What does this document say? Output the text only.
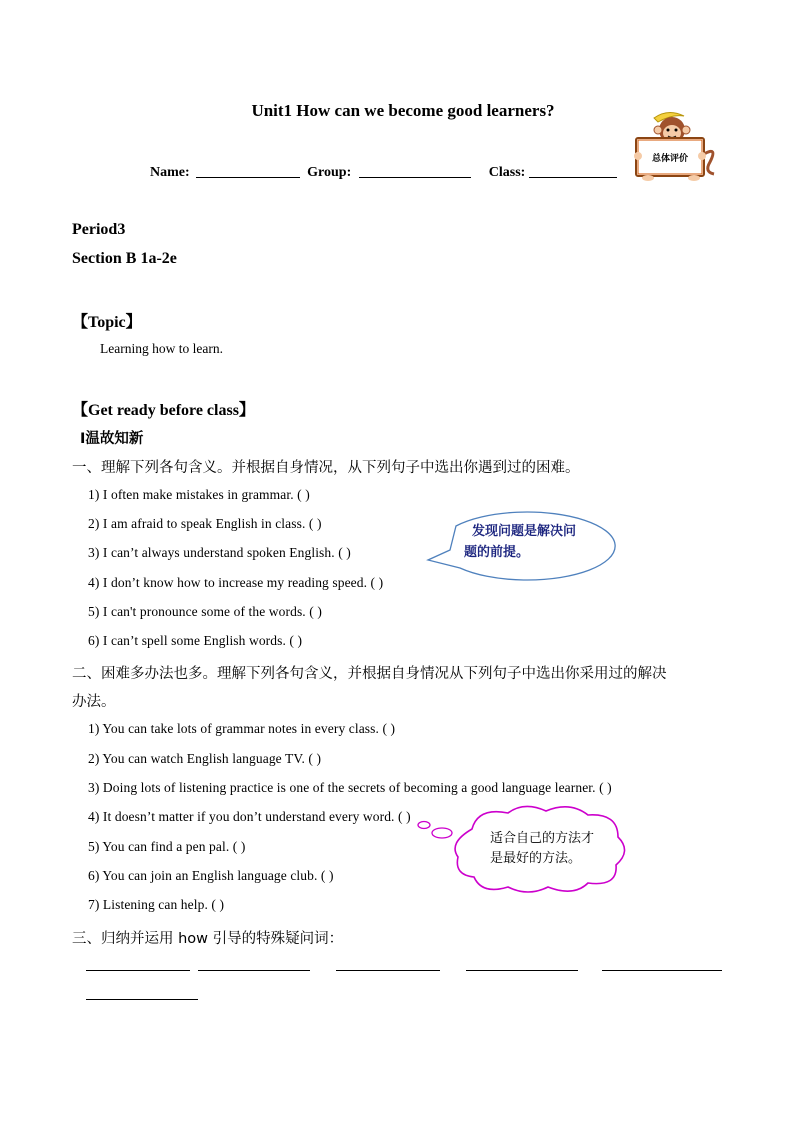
Unit1 How can we become good learners?
Name:	Group:	Class:
总体评价
Period3
Section B 1a-2e
【Topic】
Learning how to learn.
【Get ready before class】
Ⅰ温故知新
一、理解下列各句含义。并根据自身情况，从下列句子中选出你遇到过的困难。
1) I often make mistakes in grammar. ( )
2) I am afraid to speak English in class. ( )
3) I can’t always understand spoken English. ( )
4) I don’t know how to increase my reading speed. ( )
5) I can't pronounce some of the words. ( )
6) I can’t spell some English words. ( )
发现问题是解决问
题的前提。
二、困难多办法也多。理解下列各句含义，并根据自身情况从下列句子中选出你采用过的解决
办法。
1) You can take lots of grammar notes in every class. ( )
2) You can watch English language TV. ( )
3) Doing lots of listening practice is one of the secrets of becoming a good language learner. ( )
4) It doesn’t matter if you don’t understand every word. ( )
5) You can find a pen pal. ( )
6) You can join an English language club. ( )
7) Listening can help. ( )
适合自己的方法才
是最好的方法。
三、归纳并运用 how 引导的特殊疑问词：
